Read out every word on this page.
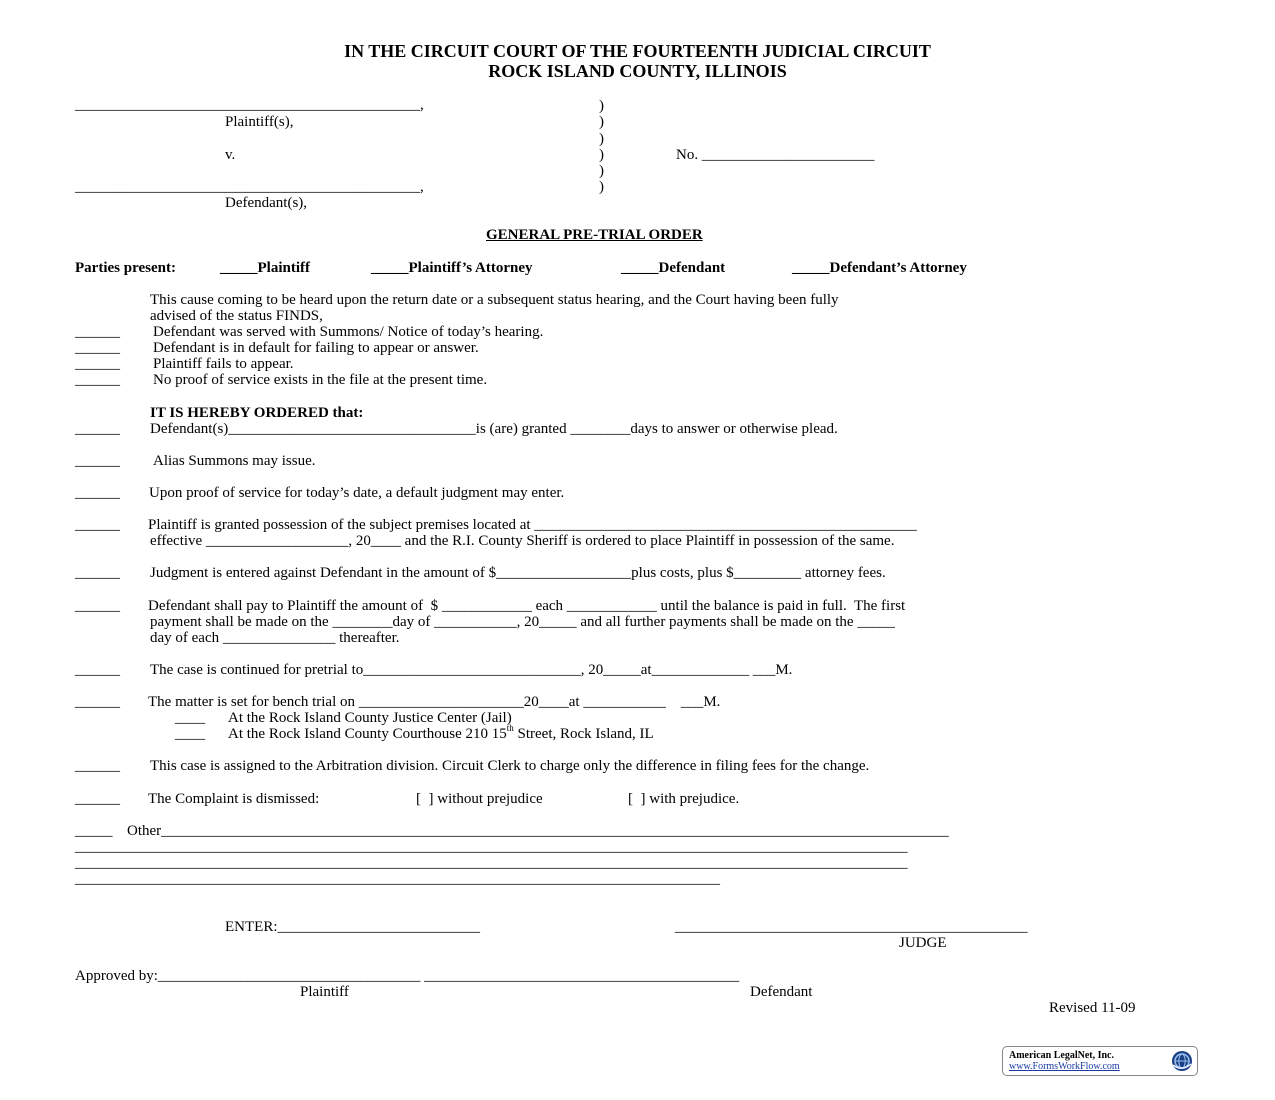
IN THE CIRCUIT COURT OF THE FOURTEENTH JUDICIAL CIRCUIT
ROCK ISLAND COUNTY, ILLINOIS
______________________________________________,
Plaintiff(s),
v.
______________________________________________,
Defendant(s),
)
)
)
)
)
)
No. _______________________
GENERAL PRE-TRIAL ORDER
Parties present:	_____Plaintiff	_____Plaintiff’s Attorney	_____Defendant	_____Defendant’s Attorney
This cause coming to be heard upon the return date or a subsequent status hearing, and the Court having been fully
advised of the status FINDS,
______ Defendant was served with Summons/ Notice of today’s hearing.
______ Defendant is in default for failing to appear or answer.
______ Plaintiff fails to appear.
______ No proof of service exists in the file at the present time.
IT IS HEREBY ORDERED that:
______ Defendant(s)_________________________________is (are) granted ________days to answer or otherwise plead.
______ Alias Summons may issue.
______ Upon proof of service for today’s date, a default judgment may enter.
______ Plaintiff is granted possession of the subject premises located at ___________________________________________________
effective ___________________, 20____ and the R.I. County Sheriff is ordered to place Plaintiff in possession of the same.
______ Judgment is entered against Defendant in the amount of $__________________plus costs, plus $_________ attorney fees.
______ Defendant shall pay to Plaintiff the amount of  $ ____________ each ____________ until the balance is paid in full.  The first
payment shall be made on the ________day of ___________, 20_____ and all further payments shall be made on the _____
day of each _______________ thereafter.
______ The case is continued for pretrial to_____________________________, 20_____at_____________ ___M.
______ The matter is set for bench trial on ______________________20____at ___________    ___M.
____ At the Rock Island County Justice Center (Jail)
____ At the Rock Island County Courthouse 210 15th Street, Rock Island, IL
______ This case is assigned to the Arbitration division. Circuit Clerk to charge only the difference in filing fees for the change.
______ The Complaint is dismissed:	[  ] without prejudice	[  ] with prejudice.
_____ Other_________________________________________________________________________________________________________
_______________________________________________________________________________________________________________
_______________________________________________________________________________________________________________
______________________________________________________________________________________
ENTER:___________________________	_______________________________________________
JUDGE
Approved by:___________________________________ __________________________________________
Plaintiff	Defendant
Revised 11-09
American LegalNet, Inc.
www.FormsWorkFlow.com
